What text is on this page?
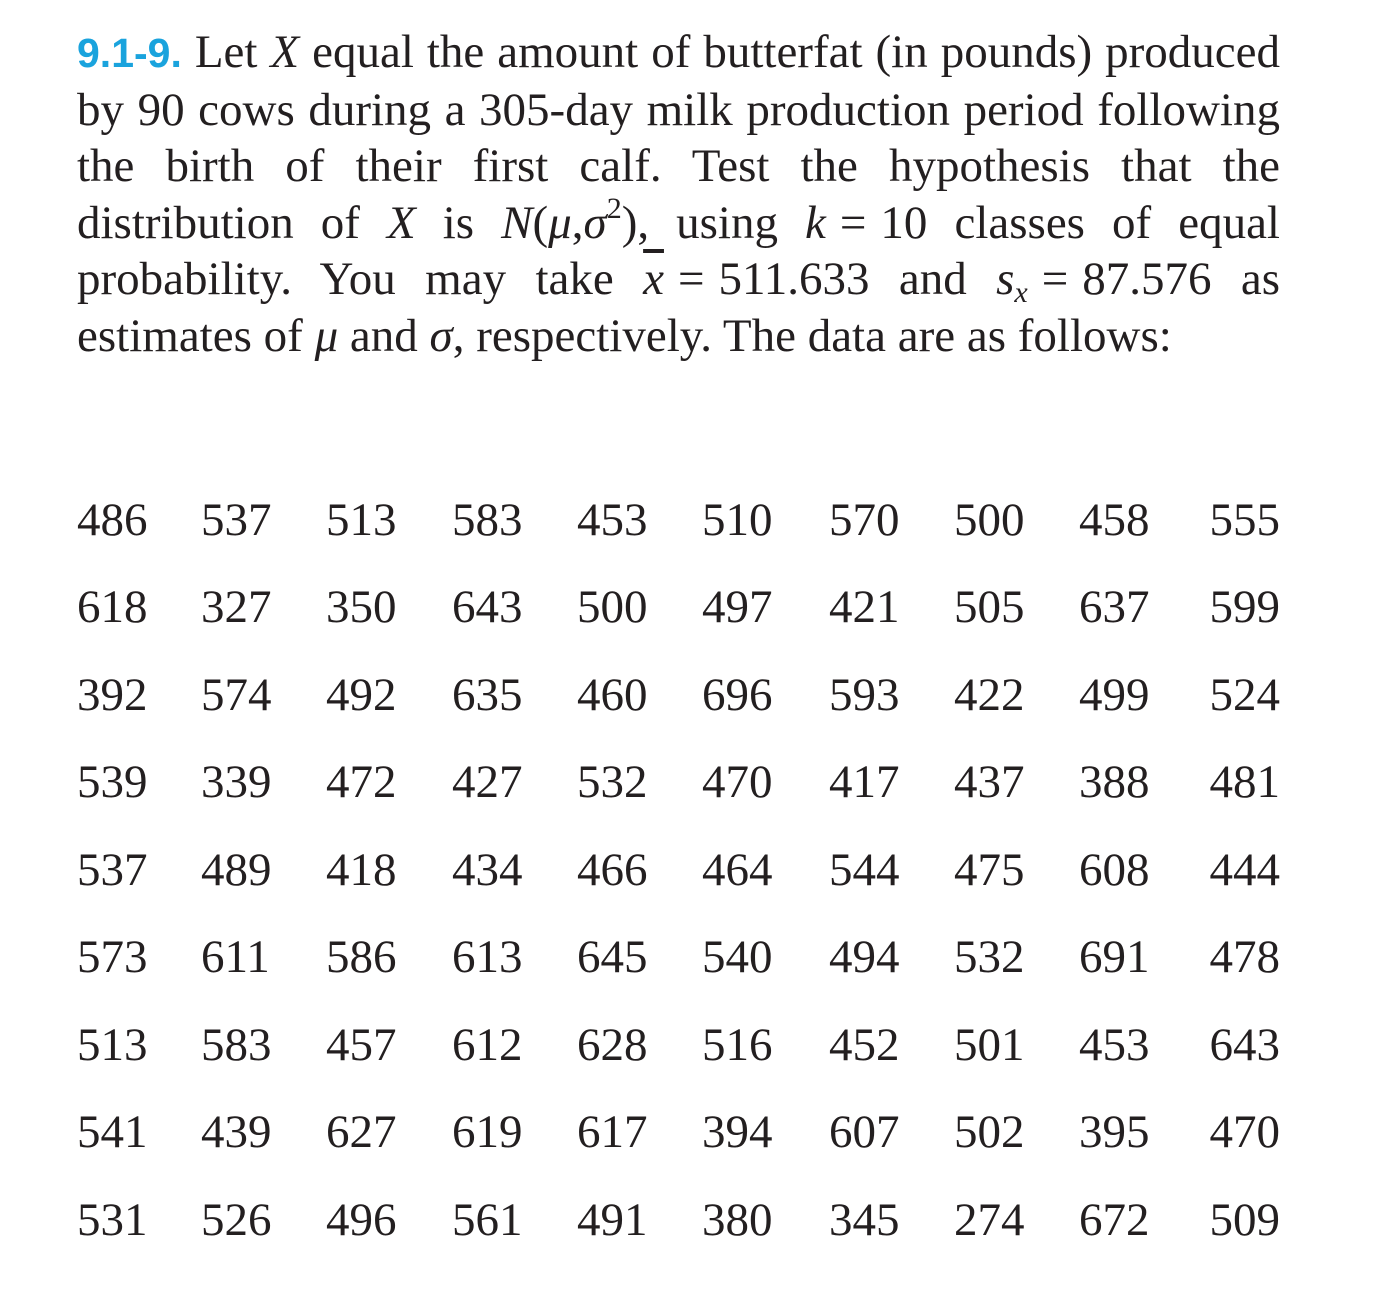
9.1-9. Let X equal the amount of butterfat (in pounds) produced by 90 cows during a 305-day milk production period following the birth of their first calf. Test the hypothesis that the distribution of X is $N(\mu,\sigma^2)$, using k = 10 classes of equal probability. You may take $\overline{x} = 511.633$ and $s_x = 87.576$ as estimates of μ and σ, respectively. The data are as follows:

486	537	513	583	453	510	570	500	458	555
618	327	350	643	500	497	421	505	637	599
392	574	492	635	460	696	593	422	499	524
539	339	472	427	532	470	417	437	388	481
537	489	418	434	466	464	544	475	608	444
573	611	586	613	645	540	494	532	691	478
513	583	457	612	628	516	452	501	453	643
541	439	627	619	617	394	607	502	395	470
531	526	496	561	491	380	345	274	672	509
